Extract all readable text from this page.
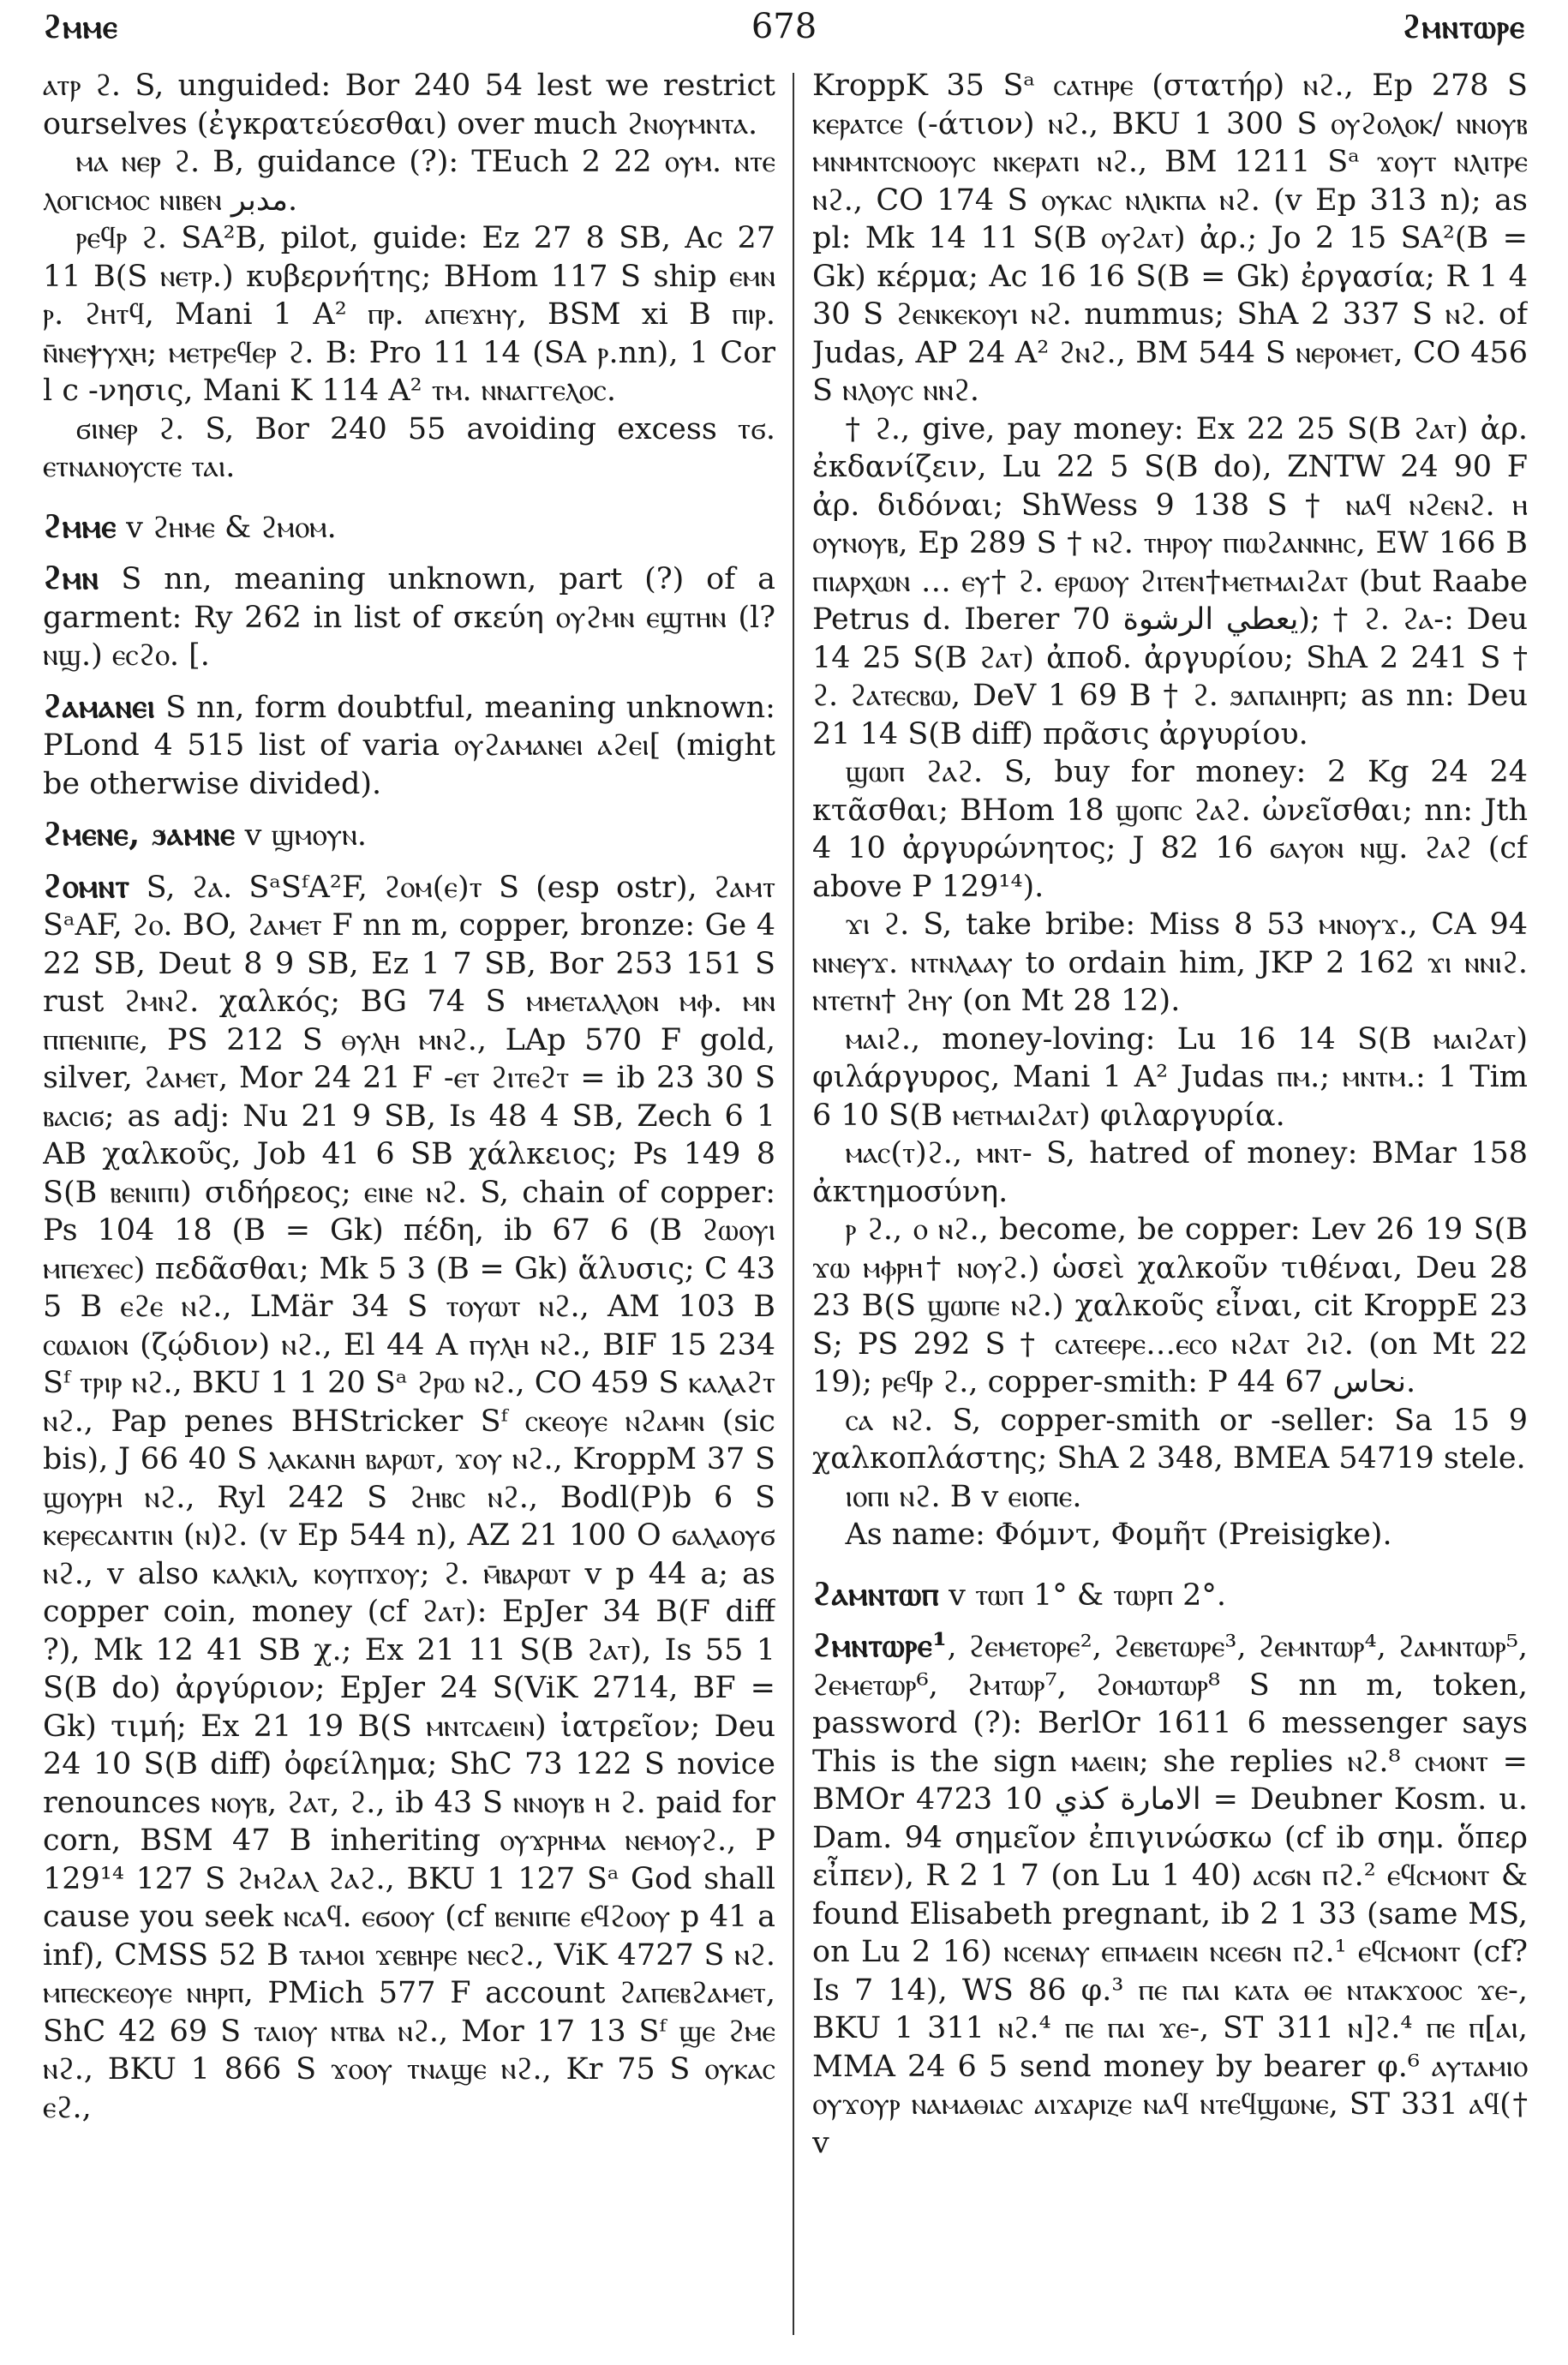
ϩⲙⲙⲉ	678	ϩⲙⲛⲧⲱⲣⲉ

ⲁⲧⲣ ϩ. S, unguided: Bor 240 54 lest we restrict ourselves (ἐγκρατεύεσθαι) over much ϩⲛⲟⲩⲙⲛⲧⲁ.

ⲙⲁ ⲛⲉⲣ ϩ. B, guidance (?): TEuch 2 22 ⲟⲩⲙ. ⲛⲧⲉ ⲗⲟⲅⲓⲥⲙⲟⲥ ⲛⲓⲃⲉⲛ مدبر.

ⲣⲉϥⲣ ϩ. SA²B, pilot, guide: Ez 27 8 SB, Ac 27 11 B(S ⲛⲉⲧⲣ.) κυβερνήτης; BHom 117 S ship ⲉⲙⲛ ⲣ. ϩⲏⲧϥ, Mani 1 A² ⲡⲣ. ⲁⲡⲉϫⲏⲩ, BSM xi B ⲡⲓⲣ. ⲛ̄ⲛⲉⲯⲩⲭⲏ; ⲙⲉⲧⲣⲉϥⲉⲣ ϩ. B: Pro 11 14 (SA ⲣ.nn), 1 Cor l c -νησις, Mani K 114 A² ⲧⲙ. ⲛⲛⲁⲅⲅⲉⲗⲟⲥ.

ϭⲓⲛⲉⲣ ϩ. S, Bor 240 55 avoiding excess ⲧϭ. ⲉⲧⲛⲁⲛⲟⲩⲥⲧⲉ ⲧⲁⲓ.

ϩⲙⲙⲉ v ϩⲏⲙⲉ & ϩⲙⲟⲙ.

ϩⲙⲛ S nn, meaning unknown, part (?) of a garment: Ry 262 in list of σκεύη ⲟⲩϩⲙⲛ ⲉϣⲧⲏⲛ (l? ⲛϣ.) ⲉⲥϩⲟ. [.

ϩⲁⲙⲁⲛⲉⲓ S nn, form doubtful, meaning unknown: PLond 4 515 list of varia ⲟⲩϩⲁⲙⲁⲛⲉⲓ ⲁϩⲉⲓ[ (might be otherwise divided).

ϩⲙⲉⲛⲉ, ϧⲁⲙⲛⲉ v ϣⲙⲟⲩⲛ.

ϩⲟⲙⲛⲧ S, ϩⲁ. SᵃSᶠA²F, ϩⲟⲙ(ⲉ)ⲧ S (esp ostr), ϩⲁⲙⲧ SᵃAF, ϩⲟ. BO, ϩⲁⲙⲉⲧ F nn m, copper, bronze: Ge 4 22 SB, Deut 8 9 SB, Ez 1 7 SB, Bor 253 151 S rust ϩⲙⲛϩ. χαλκός; BG 74 S ⲙⲙⲉⲧⲁⲗⲗⲟⲛ ⲙⲫ. ⲙⲛ ⲡⲡⲉⲛⲓⲡⲉ, PS 212 S ⲑⲩⲗⲏ ⲙⲛϩ., LAp 570 F gold, silver, ϩⲁⲙⲉⲧ, Mor 24 21 F -ⲉⲧ ϩⲓⲧⲉϩⲧ = ib 23 30 S ⲃⲁⲥⲓϭ; as adj: Nu 21 9 SB, Is 48 4 SB, Zech 6 1 AB χαλκοῦς, Job 41 6 SB χάλκειος; Ps 149 8 S(B ⲃⲉⲛⲓⲡⲓ) σιδήρεος; ⲉⲓⲛⲉ ⲛϩ. S, chain of copper: Ps 104 18 (B = Gk) πέδη, ib 67 6 (B ϩⲱⲟⲩⲓ ⲙⲡⲉϫⲉⲥ) πεδᾶσθαι; Mk 5 3 (B = Gk) ἅλυσις; C 43 5 B ⲉϩⲉ ⲛϩ., LMär 34 S ⲧⲟⲩⲱⲧ ⲛϩ., AM 103 B ⲥⲱⲁⲓⲟⲛ (ζῴδιον) ⲛϩ., El 44 A ⲡⲩⲗⲏ ⲛϩ., BIF 15 234 Sᶠ ⲧⲣⲓⲣ ⲛϩ., BKU 1 1 20 Sᵃ ϩⲣⲱ ⲛϩ., CO 459 S ⲕⲁⲗⲁϩⲧ ⲛϩ., Pap penes BHStricker Sᶠ ⲥⲕⲉⲟⲩⲉ ⲛϩⲁⲙⲛ (sic bis), J 66 40 S ⲗⲁⲕⲁⲛⲏ ⲃⲁⲣⲱⲧ, ϫⲟⲩ ⲛϩ., KroppM 37 S ϣⲟⲩⲣⲏ ⲛϩ., Ryl 242 S ϩⲏⲃⲥ ⲛϩ., Bodl(P)b 6 S ⲕⲉⲣⲉⲥⲁⲛⲧⲓⲛ (ⲛ)ϩ. (v Ep 544 n), AZ 21 100 O ϭⲁⲗⲁⲟⲩϭ ⲛϩ., v also ⲕⲁⲗⲕⲓⲗ, ⲕⲟⲩⲡϫⲟⲩ; ϩ. ⲙ̄ⲃⲁⲣⲱⲧ v p 44 a; as copper coin, money (cf ϩⲁⲧ): EpJer 34 B(F diff ?), Mk 12 41 SB χ.; Ex 21 11 S(B ϩⲁⲧ), Is 55 1 S(B do) ἀργύριον; EpJer 24 S(ViK 2714, BF = Gk) τιμή; Ex 21 19 B(S ⲙⲛⲧⲥⲁⲉⲓⲛ) ἰατρεῖον; Deu 24 10 S(B diff) ὀφείλημα; ShC 73 122 S novice renounces ⲛⲟⲩⲃ, ϩⲁⲧ, ϩ., ib 43 S ⲛⲛⲟⲩⲃ ⲏ ϩ. paid for corn, BSM 47 B inheriting ⲟⲩϫⲣⲏⲙⲁ ⲛⲉⲙⲟⲩϩ., P 129¹⁴ 127 S ϩⲙϩⲁⲗ ϩⲁϩ., BKU 1 127 Sᵃ God shall cause you seek ⲛⲥⲁϥ. ⲉϭⲟⲟⲩ (cf ⲃⲉⲛⲓⲡⲉ ⲉϥϩⲟⲟⲩ p 41 a inf), CMSS 52 B ⲧⲁⲙⲟⲓ ϫⲉⲃⲏⲣⲉ ⲛⲉⲥϩ., ViK 4727 S ⲛϩ. ⲙⲡⲉⲥⲕⲉⲟⲩⲉ ⲛⲏⲣⲡ, PMich 577 F account ϩⲁⲡⲉⲃϩⲁⲙⲉⲧ, ShC 42 69 S ⲧⲁⲓⲟⲩ ⲛⲧⲃⲁ ⲛϩ., Mor 17 13 Sᶠ ϣⲉ ϩⲙⲉ ⲛϩ., BKU 1 866 S ϫⲟⲟⲩ ⲧⲛⲁϣⲉ ⲛϩ., Kr 75 S ⲟⲩⲕⲁⲥ ⲉϩ.,

KroppK 35 Sᵃ ⲥⲁⲧⲏⲣⲉ (στατήρ) ⲛϩ., Ep 278 S ⲕⲉⲣⲁⲧⲥⲉ (-άτιον) ⲛϩ., BKU 1 300 S ⲟⲩϩⲟⲗⲟⲕ/ ⲛⲛⲟⲩⲃ ⲙⲛⲙⲛⲧⲥⲛⲟⲟⲩⲥ ⲛⲕⲉⲣⲁⲧⲓ ⲛϩ., BM 1211 Sᵃ ϫⲟⲩⲧ ⲛⲗⲓⲧⲣⲉ ⲛϩ., CO 174 S ⲟⲩⲕⲁⲥ ⲛⲗⲓⲕⲡⲁ ⲛϩ. (v Ep 313 n); as pl: Mk 14 11 S(B ⲟⲩϩⲁⲧ) ἀρ.; Jo 2 15 SA²(B = Gk) κέρμα; Ac 16 16 S(B = Gk) ἐργασία; R 1 4 30 S ϩⲉⲛⲕⲉⲕⲟⲩⲓ ⲛϩ. nummus; ShA 2 337 S ⲛϩ. of Judas, AP 24 A² ϩⲛϩ., BM 544 S ⲛⲉⲣⲟⲙⲉⲧ, CO 456 S ⲛⲗⲟⲩⲥ ⲛⲛϩ.

† ϩ., give, pay money: Ex 22 25 S(B ϩⲁⲧ) ἀρ. ἐκδανίζειν, Lu 22 5 S(B do), ZNTW 24 90 F ἀρ. διδόναι; ShWess 9 138 S † ⲛⲁϥ ⲛϩⲉⲛϩ. ⲏ ⲟⲩⲛⲟⲩⲃ, Ep 289 S † ⲛϩ. ⲧⲏⲣⲟⲩ ⲡⲓⲱϩⲁⲛⲛⲏⲥ, EW 166 B ⲡⲓⲁⲣⲭⲱⲛ … ⲉⲩ† ϩ. ⲉⲣⲱⲟⲩ ϩⲓⲧⲉⲛ†ⲙⲉⲧⲙⲁⲓϩⲁⲧ (but Raabe Petrus d. Iberer 70 يعطي الرشوة); † ϩ. ϩⲁ-: Deu 14 25 S(B ϩⲁⲧ) ἀποδ. ἀργυρίου; ShA 2 241 S † ϩ. ϩⲁⲧⲉⲥⲃⲱ, DeV 1 69 B † ϩ. ϧⲁⲡⲁⲓⲏⲣⲡ; as nn: Deu 21 14 S(B diff) πρᾶσις ἀργυρίου.

ϣⲱⲡ ϩⲁϩ. S, buy for money: 2 Kg 24 24 κτᾶσθαι; BHom 18 ϣⲟⲡⲥ ϩⲁϩ. ὠνεῖσθαι; nn: Jth 4 10 ἀργυρώνητος; J 82 16 ϭⲁⲩⲟⲛ ⲛϣ. ϩⲁϩ (cf above P 129¹⁴).

ϫⲓ ϩ. S, take bribe: Miss 8 53 ⲙⲛⲟⲩϫ., CA 94 ⲛⲛⲉⲩϫ. ⲛⲧⲛⲗⲁⲁⲩ to ordain him, JKP 2 162 ϫⲓ ⲛⲛⲓϩ. ⲛⲧⲉⲧⲛ† ϩⲏⲩ (on Mt 28 12).

ⲙⲁⲓϩ., money-loving: Lu 16 14 S(B ⲙⲁⲓϩⲁⲧ) φιλάργυρος, Mani 1 A² Judas ⲡⲙ.; ⲙⲛⲧⲙ.: 1 Tim 6 10 S(B ⲙⲉⲧⲙⲁⲓϩⲁⲧ) φιλαργυρία.

ⲙⲁⲥ(ⲧ)ϩ., ⲙⲛⲧ- S, hatred of money: BMar 158 ἀκτημοσύνη.

ⲣ ϩ., ⲟ ⲛϩ., become, be copper: Lev 26 19 S(B ϫⲱ ⲙⲫⲣⲏ† ⲛⲟⲩϩ.) ὡσεὶ χαλκοῦν τιθέναι, Deu 28 23 B(S ϣⲱⲡⲉ ⲛϩ.) χαλκοῦς εἶναι, cit KroppE 23 S; PS 292 S † ⲥⲁⲧⲉⲉⲣⲉ…ⲉⲥⲟ ⲛϩⲁⲧ ϩⲓϩ. (on Mt 22 19); ⲣⲉϥⲣ ϩ., copper-smith: P 44 67 نحاس.

ⲥⲁ ⲛϩ. S, copper-smith or -seller: Sa 15 9 χαλκοπλάστης; ShA 2 348, BMEA 54719 stele.

ⲓⲟⲡⲓ ⲛϩ. B v ⲉⲓⲟⲡⲉ.

As name: Φόμντ, Φομῆτ (Preisigke).

ϩⲁⲙⲛⲧⲱⲡ v ⲧⲱⲡ 1° & ⲧⲱⲣⲡ 2°.

ϩⲙⲛⲧⲱⲣⲉ¹, ϩⲉⲙⲉⲧⲟⲣⲉ², ϩⲉⲃⲉⲧⲱⲣⲉ³, ϩⲉⲙⲛⲧⲱⲣ⁴, ϩⲁⲙⲛⲧⲱⲣ⁵, ϩⲉⲙⲉⲧⲱⲣ⁶, ϩⲙⲧⲱⲣ⁷, ϩⲟⲙⲱⲧⲱⲣ⁸ S nn m, token, password (?): BerlOr 1611 6 messenger says This is the sign ⲙⲁⲉⲓⲛ; she replies ⲛϩ.⁸ ⲥⲙⲟⲛⲧ = BMOr 4723 10 الامارة كذي = Deubner Kosm. u. Dam. 94 σημεῖον ἐπιγινώσκω (cf ib σημ. ὅπερ εἶπεν), R 2 1 7 (on Lu 1 40) ⲁⲥϭⲛ ⲡϩ.² ⲉϥⲥⲙⲟⲛⲧ & found Elisabeth pregnant, ib 2 1 33 (same MS, on Lu 2 16) ⲛⲥⲉⲛⲁⲩ ⲉⲡⲙⲁⲉⲓⲛ ⲛⲥⲉϭⲛ ⲡϩ.¹ ⲉϥⲥⲙⲟⲛⲧ (cf? Is 7 14), WS 86 φ.³ ⲡⲉ ⲡⲁⲓ ⲕⲁⲧⲁ ⲑⲉ ⲛⲧⲁⲕϫⲟⲟⲥ ϫⲉ-, BKU 1 311 ⲛϩ.⁴ ⲡⲉ ⲡⲁⲓ ϫⲉ-, ST 311 ⲛ]ϩ.⁴ ⲡⲉ ⲡ[ⲁⲓ, MMA 24 6 5 send money by bearer φ.⁶ ⲁⲩⲧⲁⲙⲓⲟ ⲟⲩϫⲟⲩⲣ ⲛⲁⲙⲁⲑⲓⲁⲥ ⲁⲓϫⲁⲣⲓⲍⲉ ⲛⲁϥ ⲛⲧⲉϥϣⲱⲛⲉ, ST 331 ⲁϥ(† v
